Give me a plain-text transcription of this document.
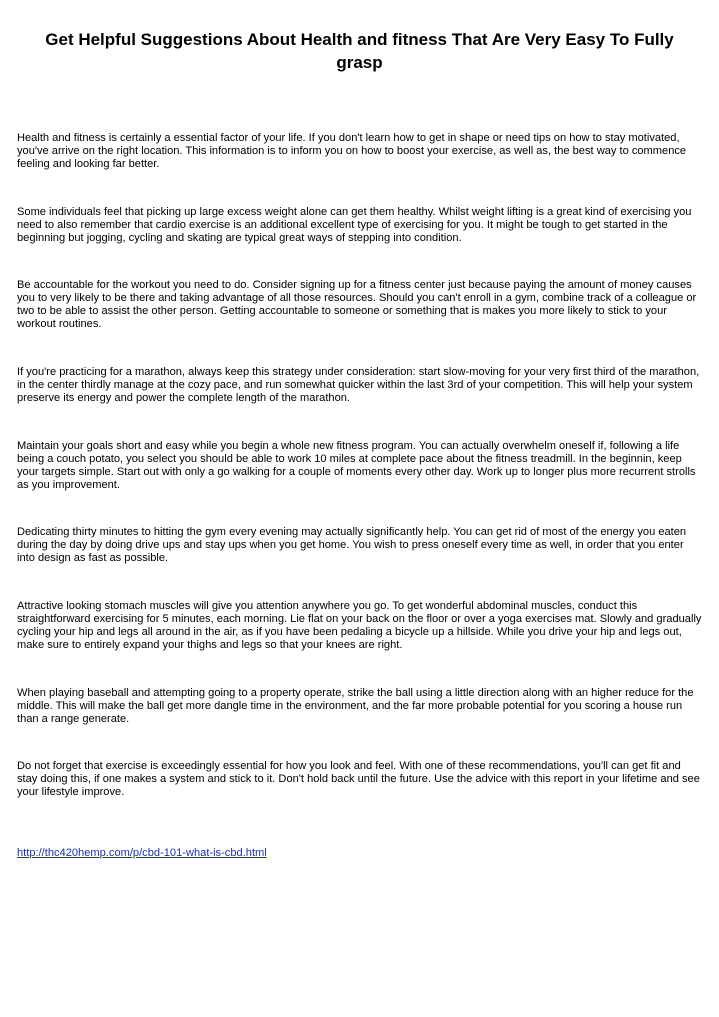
Get Helpful Suggestions About Health and fitness That Are Very Easy To Fully grasp

Health and fitness is certainly a essential factor of your life. If you don't learn how to get in shape or need tips on how to stay motivated, you've arrive on the right location. This information is to inform you on how to boost your exercise, as well as, the best way to commence feeling and looking far better.

Some individuals feel that picking up large excess weight alone can get them healthy. Whilst weight lifting is a great kind of exercising you need to also remember that cardio exercise is an additional excellent type of exercising for you. It might be tough to get started in the beginning but jogging, cycling and skating are typical great ways of stepping into condition.

Be accountable for the workout you need to do. Consider signing up for a fitness center just because paying the amount of money causes you to very likely to be there and taking advantage of all those resources. Should you can't enroll in a gym, combine track of a colleague or two to be able to assist the other person. Getting accountable to someone or something that is makes you more likely to stick to your workout routines.

If you're practicing for a marathon, always keep this strategy under consideration: start slow-moving for your very first third of the marathon, in the center thirdly manage at the cozy pace, and run somewhat quicker within the last 3rd of your competition. This will help your system preserve its energy and power the complete length of the marathon.

Maintain your goals short and easy while you begin a whole new fitness program. You can actually overwhelm oneself if, following a life being a couch potato, you select you should be able to work 10 miles at complete pace about the fitness treadmill. In the beginnin, keep your targets simple. Start out with only a go walking for a couple of moments every other day. Work up to longer plus more recurrent strolls as you improvement.

Dedicating thirty minutes to hitting the gym every evening may actually significantly help. You can get rid of most of the energy you eaten during the day by doing drive ups and stay ups when you get home. You wish to press oneself every time as well, in order that you enter into design as fast as possible.

Attractive looking stomach muscles will give you attention anywhere you go. To get wonderful abdominal muscles, conduct this straightforward exercising for 5 minutes, each morning. Lie flat on your back on the floor or over a yoga exercises mat. Slowly and gradually cycling your hip and legs all around in the air, as if you have been pedaling a bicycle up a hillside. While you drive your hip and legs out, make sure to entirely expand your thighs and legs so that your knees are right.

When playing baseball and attempting going to a property operate, strike the ball using a little direction along with an higher reduce for the middle. This will make the ball get more dangle time in the environment, and the far more probable potential for you scoring a house run than a range generate.

Do not forget that exercise is exceedingly essential for how you look and feel. With one of these recommendations, you'll can get fit and stay doing this, if one makes a system and stick to it. Don't hold back until the future. Use the advice with this report in your lifetime and see your lifestyle improve.

http://thc420hemp.com/p/cbd-101-what-is-cbd.html
